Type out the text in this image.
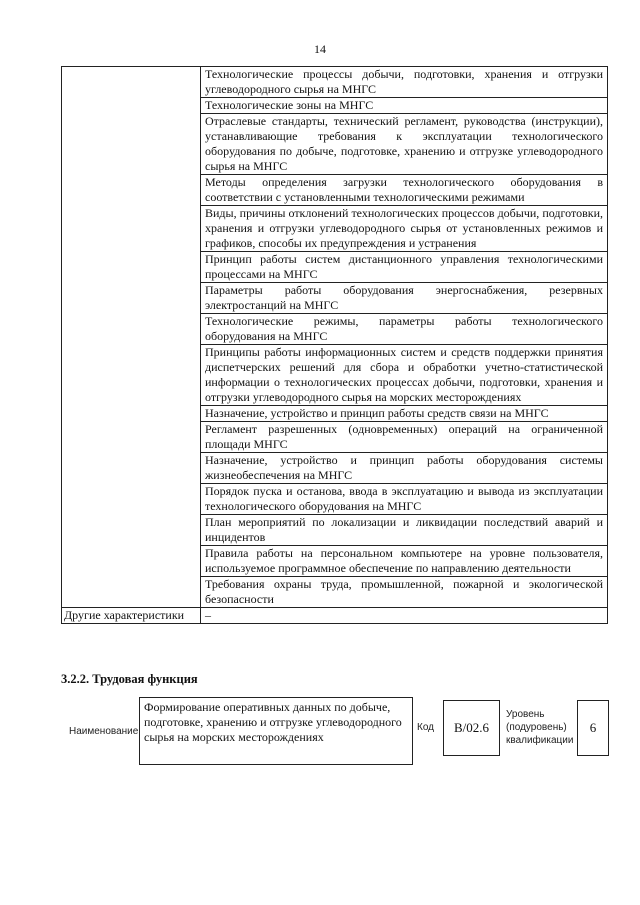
14
	Технологические процессы добычи, подготовки, хранения и отгрузки углеводородного сырья на МНГС
	Технологические зоны на МНГС
	Отраслевые стандарты, технический регламент, руководства (инструкции), устанавливающие требования к эксплуатации технологического оборудования по добыче, подготовке, хранению и отгрузке углеводородного сырья на МНГС
	Методы определения загрузки технологического оборудования в соответствии с установленными технологическими режимами
	Виды, причины отклонений технологических процессов добычи, подготовки, хранения и отгрузки углеводородного сырья от установленных режимов и графиков, способы их предупреждения и устранения
	Принцип работы систем дистанционного управления технологическими процессами на МНГС
	Параметры работы оборудования энергоснабжения, резервных электростанций на МНГС
	Технологические режимы, параметры работы технологического оборудования на МНГС
	Принципы работы информационных систем и средств поддержки принятия диспетчерских решений для сбора и обработки учетно-статистической информации о технологических процессах добычи, подготовки, хранения и отгрузки углеводородного сырья на морских месторождениях
	Назначение, устройство и принцип работы средств связи на МНГС
	Регламент разрешенных (одновременных) операций на ограниченной площади МНГС
	Назначение, устройство и принцип работы оборудования системы жизнеобеспечения на МНГС
	Порядок пуска и останова, ввода в эксплуатацию и вывода из эксплуатации технологического оборудования на МНГС
	План мероприятий по локализации и ликвидации последствий аварий и инцидентов
	Правила работы на персональном компьютере на уровне пользователя, используемое программное обеспечение по направлению деятельности
	Требования охраны труда, промышленной, пожарной и экологической безопасности
Другие характеристики	–
3.2.2. Трудовая функция
Наименование
Формирование оперативных данных по добыче, подготовке, хранению и отгрузке углеводородного сырья на морских месторождениях
Код	B/02.6
Уровень (подуровень) квалификации
6
